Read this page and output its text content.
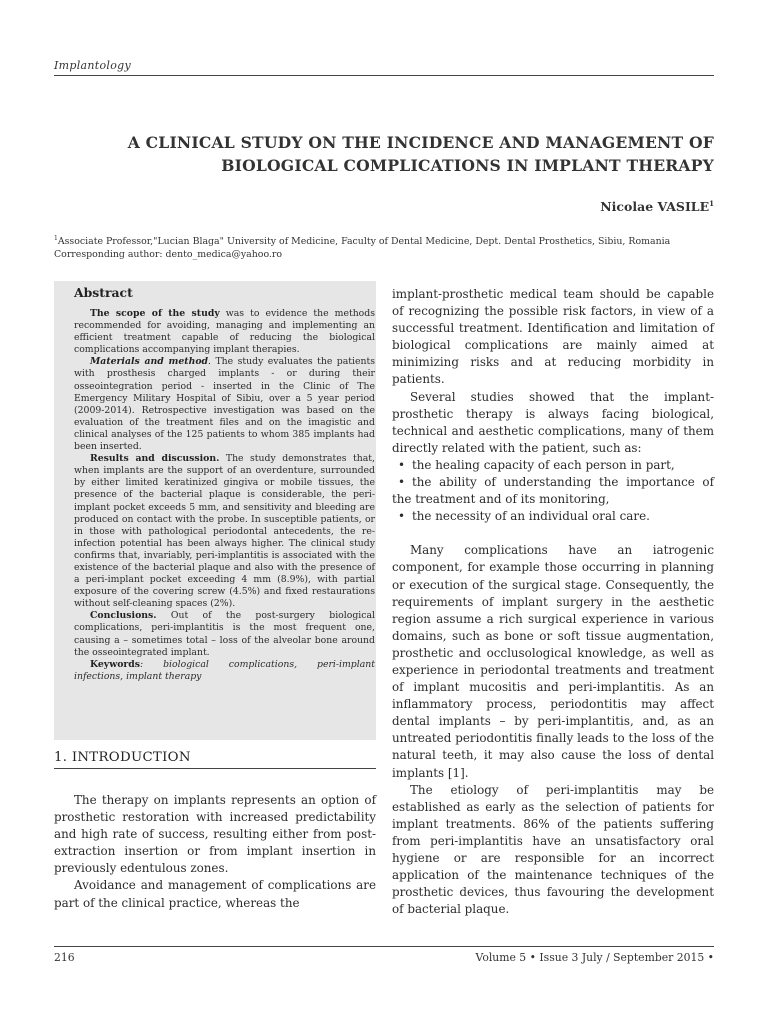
Implantology
A CLINICAL STUDY ON THE INCIDENCE AND MANAGEMENT OF
BIOLOGICAL COMPLICATIONS IN IMPLANT THERAPY
Nicolae VASILE$^1$
$^1$Associate Professor,"Lucian Blaga" University of Medicine, Faculty of Dental Medicine, Dept. Dental Prosthetics, Sibiu, Romania
Corresponding author: dento_medica@yahoo.ro
Abstract

The scope of the study was to evidence the methods recommended for avoiding, managing and implementing an efficient treatment capable of reducing the biological complications accompanying implant therapies.

Materials and method. The study evaluates the patients with prosthesis charged implants - or during their osseointegration period - inserted in the Clinic of The Emergency Military Hospital of Sibiu, over a 5 year period (2009-2014). Retrospective investigation was based on the evaluation of the treatment files and on the imagistic and clinical analyses of the 125 patients to whom 385 implants had been inserted.

Results and discussion. The study demonstrates that, when implants are the support of an overdenture, surrounded by either limited keratinized gingiva or mobile tissues, the presence of the bacterial plaque is considerable, the peri-implant pocket exceeds 5 mm, and sensitivity and bleeding are produced on contact with the probe. In susceptible patients, or in those with pathological periodontal antecedents, the re-infection potential has been always higher. The clinical study confirms that, invariably, peri-implantitis is associated with the existence of the bacterial plaque and also with the presence of a peri-implant pocket exceeding 4 mm (8.9%), with partial exposure of the covering screw (4.5%) and fixed restaurations without self-cleaning spaces (2%).

Conclusions. Out of the post-surgery biological complications, peri-implantitis is the most frequent one, causing a – sometimes total – loss of the alveolar bone around the osseointegrated implant.

Keywords: biological complications, peri-implant infections, implant therapy

1. INTRODUCTION

The therapy on implants represents an option of prosthetic restoration with increased predictability and high rate of success, resulting either from post-extraction insertion or from implant insertion in previously edentulous zones.

Avoidance and management of complications are part of the clinical practice, whereas the

implant-prosthetic medical team should be capable of recognizing the possible risk factors, in view of a successful treatment. Identification and limitation of biological complications are mainly aimed at minimizing risks and at reducing morbidity in patients.

Several studies showed that the implant-prosthetic therapy is always facing biological, technical and aesthetic complications, many of them directly related with the patient, such as:

• the healing capacity of each person in part,
• the ability of understanding the importance of the treatment and of its monitoring,
• the necessity of an individual oral care.

Many complications have an iatrogenic component, for example those occurring in planning or execution of the surgical stage. Consequently, the requirements of implant surgery in the aesthetic region assume a rich surgical experience in various domains, such as bone or soft tissue augmentation, prosthetic and occlusological knowledge, as well as experience in periodontal treatments and treatment of implant mucositis and peri-implantitis. As an inflammatory process, periodontitis may affect dental implants – by peri-implantitis, and, as an untreated periodontitis finally leads to the loss of the natural teeth, it may also cause the loss of dental implants [1].

The etiology of peri-implantitis may be established as early as the selection of patients for implant treatments. 86% of the patients suffering from peri-implantitis have an unsatisfactory oral hygiene or are responsible for an incorrect application of the maintenance techniques of the prosthetic devices, thus favouring the development of bacterial plaque.

216	Volume 5 • Issue 3 July / September 2015 •
